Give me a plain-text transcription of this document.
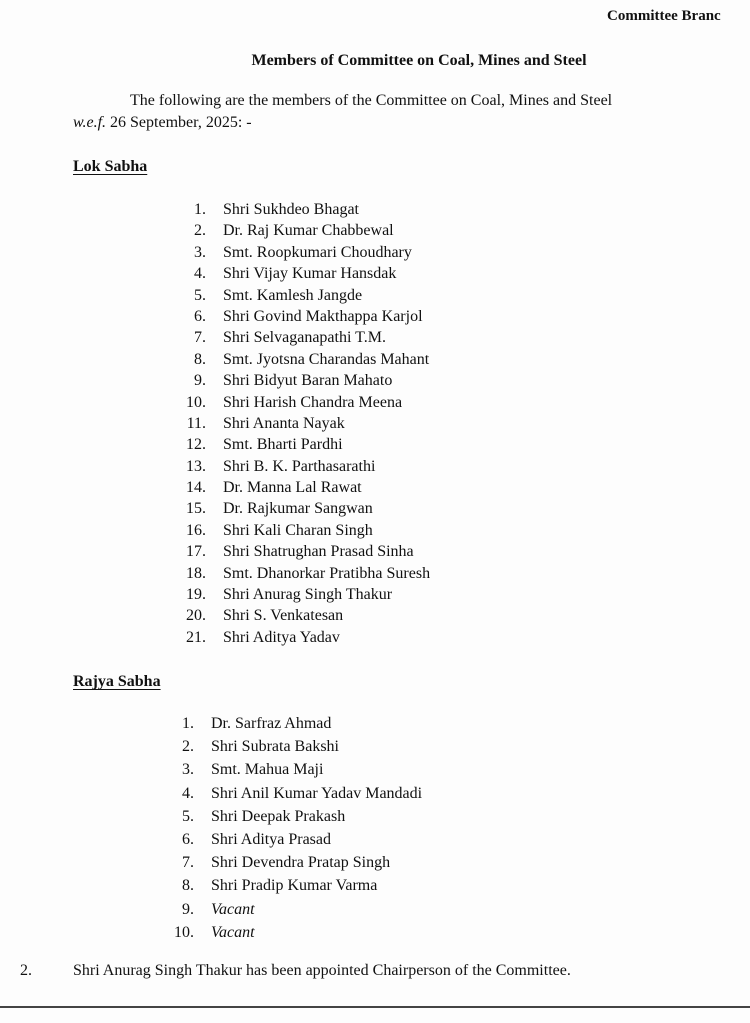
Committee Branc
Members of Committee on Coal, Mines and Steel
The following are the members of the Committee on Coal, Mines and Steel
w.e.f. 26 September, 2025: -
Lok Sabha
1.	Shri Sukhdeo Bhagat
2.	Dr. Raj Kumar Chabbewal
3.	Smt. Roopkumari Choudhary
4.	Shri Vijay Kumar Hansdak
5.	Smt. Kamlesh Jangde
6.	Shri Govind Makthappa Karjol
7.	Shri Selvaganapathi T.M.
8.	Smt. Jyotsna Charandas Mahant
9.	Shri Bidyut Baran Mahato
10.	Shri Harish Chandra Meena
11.	Shri Ananta Nayak
12.	Smt. Bharti Pardhi
13.	Shri B. K. Parthasarathi
14.	Dr. Manna Lal Rawat
15.	Dr. Rajkumar Sangwan
16.	Shri Kali Charan Singh
17.	Shri Shatrughan Prasad Sinha
18.	Smt. Dhanorkar Pratibha Suresh
19.	Shri Anurag Singh Thakur
20.	Shri S. Venkatesan
21.	Shri Aditya Yadav
Rajya Sabha
1.	Dr. Sarfraz Ahmad
2.	Shri Subrata Bakshi
3.	Smt. Mahua Maji
4.	Shri Anil Kumar Yadav Mandadi
5.	Shri Deepak Prakash
6.	Shri Aditya Prasad
7.	Shri Devendra Pratap Singh
8.	Shri Pradip Kumar Varma
9.	Vacant
10.	Vacant
2.	Shri Anurag Singh Thakur has been appointed Chairperson of the Committee.
